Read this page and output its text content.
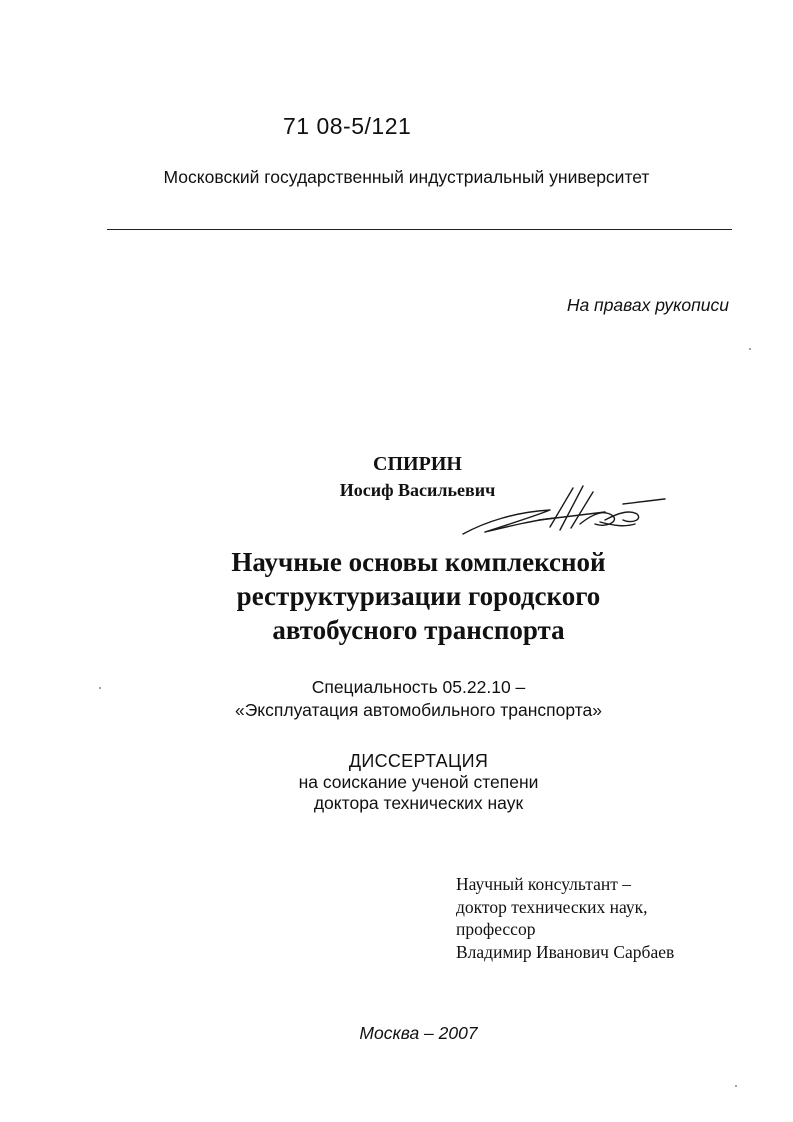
71 08-5/121
Московский государственный индустриальный университет
На правах рукописи
СПИРИН
Иосиф Васильевич
Научные основы комплексной
реструктуризации городского
автобусного транспорта
Специальность 05.22.10 –
«Эксплуатация автомобильного транспорта»
ДИССЕРТАЦИЯ
на соискание ученой степени
доктора технических наук
Научный консультант –
доктор технических наук,
профессор
Владимир Иванович Сарбаев
Москва – 2007
